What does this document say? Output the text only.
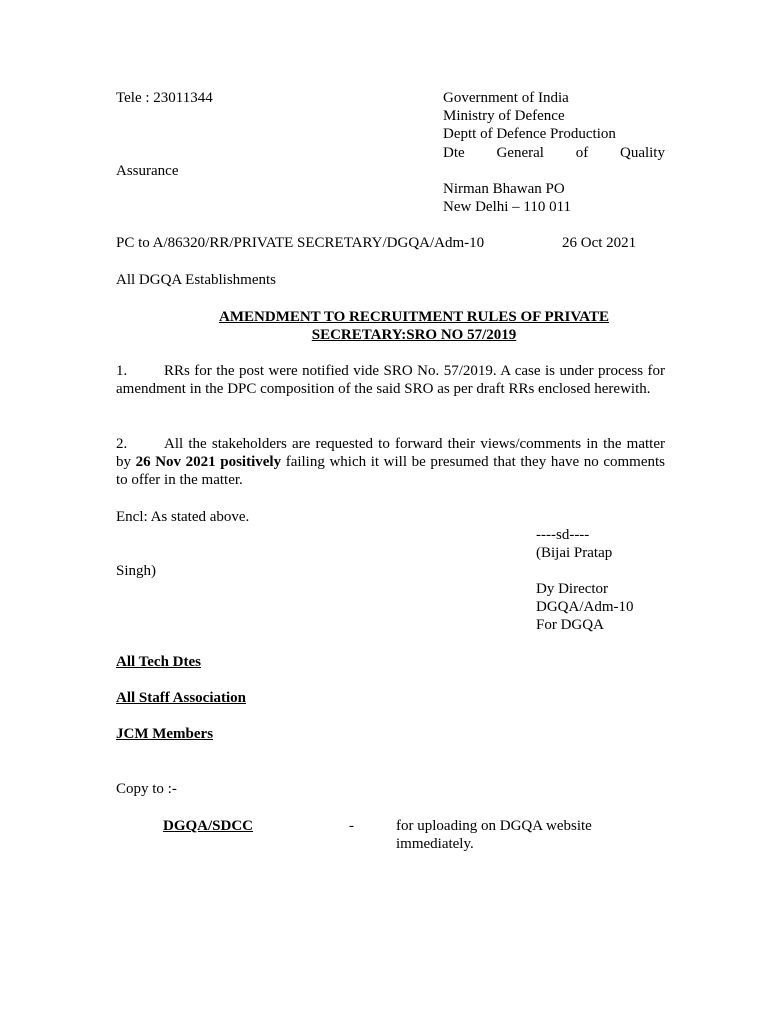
Tele : 23011344	Government of India
Ministry of Defence
Deptt of Defence Production
Dte General of Quality
Assurance
Nirman Bhawan PO
New Delhi – 110 011
PC to A/86320/RR/PRIVATE SECRETARY/DGQA/Adm-10	26 Oct 2021
All DGQA Establishments
AMENDMENT TO RECRUITMENT RULES OF PRIVATE
SECRETARY:SRO NO 57/2019
1. RRs for the post were notified vide SRO No. 57/2019. A case is under process for amendment in the DPC composition of the said SRO as per draft RRs enclosed herewith.
2. All the stakeholders are requested to forward their views/comments in the matter by 26 Nov 2021 positively failing which it will be presumed that they have no comments to offer in the matter.
Encl: As stated above.
----sd----
(Bijai Pratap
Singh)
Dy Director
DGQA/Adm-10
For DGQA
All Tech Dtes
All Staff Association
JCM Members
Copy to :-
DGQA/SDCC	-	for uploading on DGQA website
immediately.
